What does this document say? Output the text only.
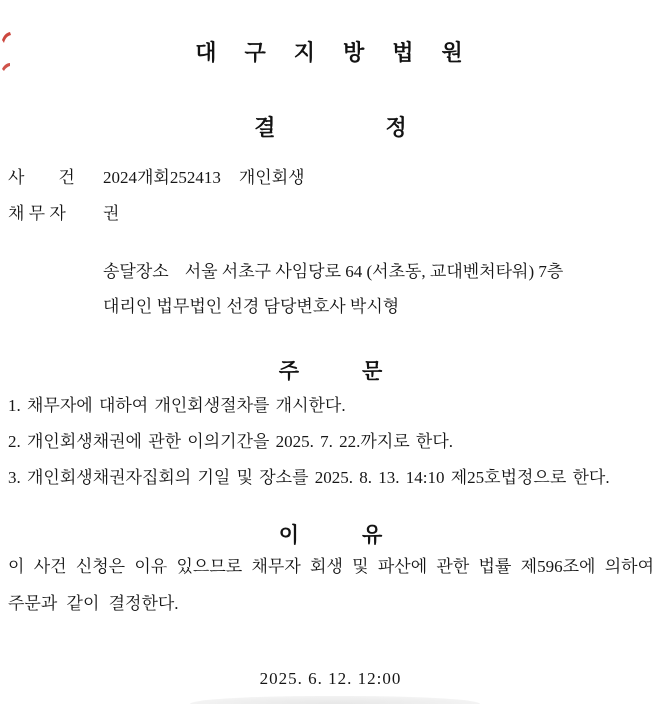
대　구　지　방　법　원
결　　　　　정
사　　건	2024개회252413 개인회생
채 무 자	권
송달장소 서울 서초구 사임당로 64 (서초동, 교대벤처타워) 7층
대리인 법무법인 선경 담당변호사 박시형
주　　　문
1. 채무자에 대하여 개인회생절차를 개시한다.
2. 개인회생채권에 관한 이의기간을 2025. 7. 22.까지로 한다.
3. 개인회생채권자집회의 기일 및 장소를 2025. 8. 13. 14:10 제25호법정으로 한다.
이　　　유
이 사건 신청은 이유 있으므로 채무자 회생 및 파산에 관한 법률 제596조에 의하여 주문과 같이 결정한다.
2025. 6. 12. 12:00
